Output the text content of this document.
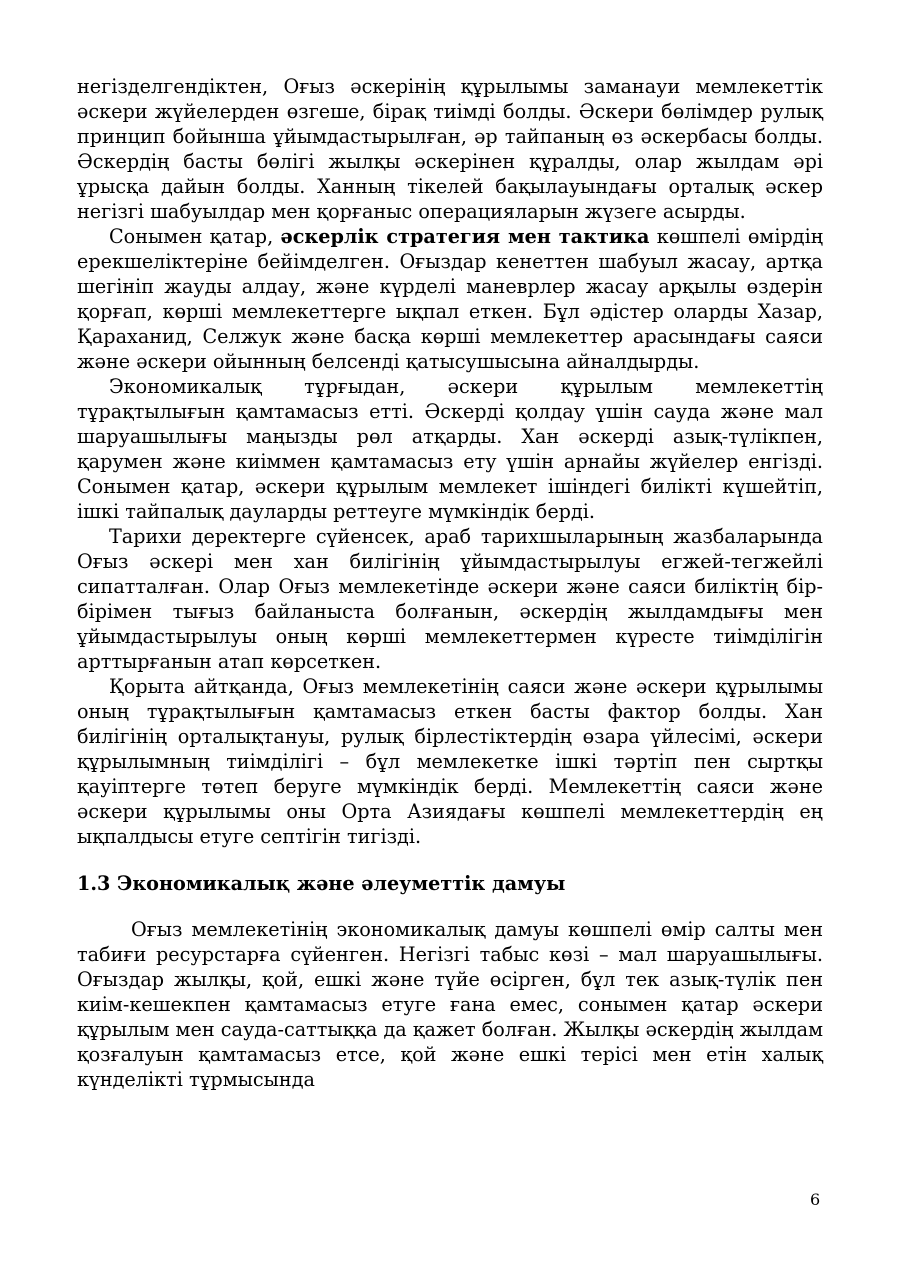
негізделгендіктен, Оғыз әскерінің құрылымы заманауи мемлекеттік әскери жүйелерден өзгеше, бірақ тиімді болды. Әскери бөлімдер рулық принцип бойынша ұйымдастырылған, әр тайпаның өз әскербасы болды. Әскердің басты бөлігі жылқы әскерінен құралды, олар жылдам әрі ұрысқа дайын болды. Ханның тікелей бақылауындағы орталық әскер негізгі шабуылдар мен қорғаныс операцияларын жүзеге асырды.

Сонымен қатар, әскерлік стратегия мен тактика көшпелі өмірдің ерекшеліктеріне бейімделген. Оғыздар кенеттен шабуыл жасау, артқа шегініп жауды алдау, және күрделі маневрлер жасау арқылы өздерін қорғап, көрші мемлекеттерге ықпал еткен. Бұл әдістер оларды Хазар, Қараханид, Селжук және басқа көрші мемлекеттер арасындағы саяси және әскери ойынның белсенді қатысушысына айналдырды.

Экономикалық тұрғыдан, әскери құрылым мемлекеттің тұрақтылығын қамтамасыз етті. Әскерді қолдау үшін сауда және мал шаруашылығы маңызды рөл атқарды. Хан әскерді азық-түлікпен, қарумен және киіммен қамтамасыз ету үшін арнайы жүйелер енгізді. Сонымен қатар, әскери құрылым мемлекет ішіндегі билікті күшейтіп, ішкі тайпалық дауларды реттеуге мүмкіндік берді.

Тарихи деректерге сүйенсек, араб тарихшыларының жазбаларында Оғыз әскері мен хан билігінің ұйымдастырылуы егжей-тегжейлі сипатталған. Олар Оғыз мемлекетінде әскери және саяси биліктің бір-бірімен тығыз байланыста болғанын, әскердің жылдамдығы мен ұйымдастырылуы оның көрші мемлекеттермен күресте тиімділігін арттырғанын атап көрсеткен.

Қорыта айтқанда, Оғыз мемлекетінің саяси және әскери құрылымы оның тұрақтылығын қамтамасыз еткен басты фактор болды. Хан билігінің орталықтануы, рулық бірлестіктердің өзара үйлесімі, әскери құрылымның тиімділігі – бұл мемлекетке ішкі тәртіп пен сыртқы қауіптерге төтеп беруге мүмкіндік берді. Мемлекеттің саяси және әскери құрылымы оны Орта Азиядағы көшпелі мемлекеттердің ең ықпалдысы етуге септігін тигізді.

1.3 Экономикалық және әлеуметтік дамуы

Оғыз мемлекетінің экономикалық дамуы көшпелі өмір салты мен табиғи ресурстарға сүйенген. Негізгі табыс көзі – мал шаруашылығы. Оғыздар жылқы, қой, ешкі және түйе өсірген, бұл тек азық-түлік пен киім-кешекпен қамтамасыз етуге ғана емес, сонымен қатар әскери құрылым мен сауда-саттыққа да қажет болған. Жылқы әскердің жылдам қозғалуын қамтамасыз етсе, қой және ешкі терісі мен етін халық күнделікті тұрмысында

6
